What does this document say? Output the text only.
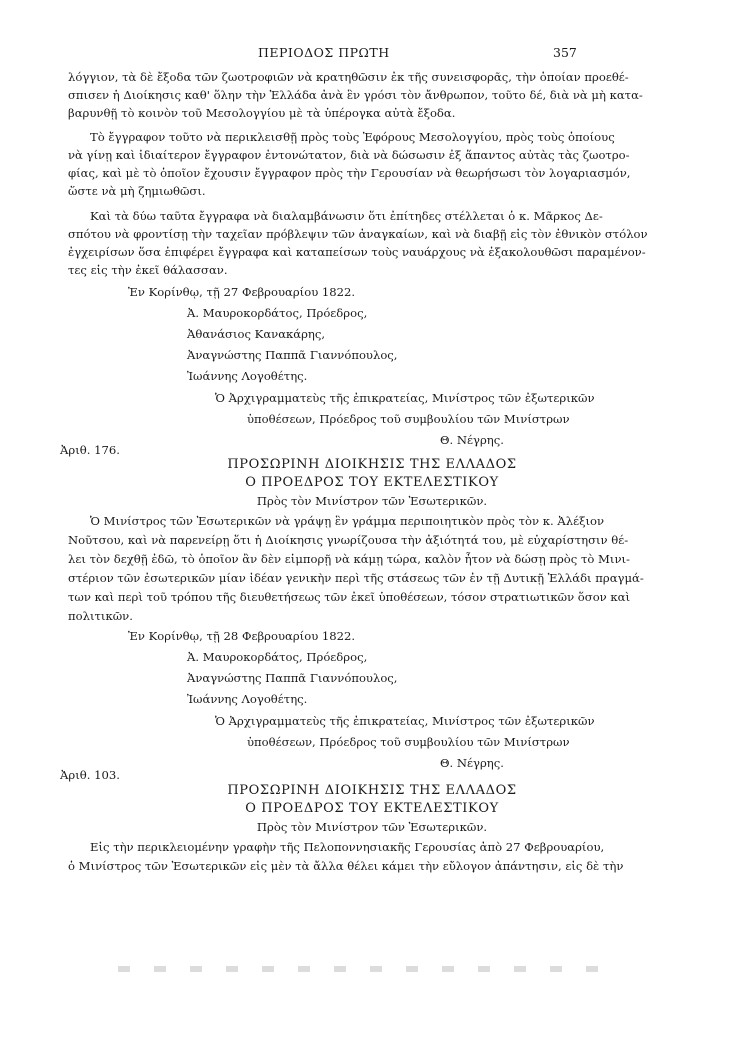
ΠΕΡΙΟΔΟΣ ΠΡΩΤΗ	357
λόγγιον, τὰ δὲ ἔξοδα τῶν ζωοτροφιῶν νὰ κρατηθῶσιν ἐκ τῆς συνεισφορᾶς, τὴν ὁποίαν προεθέ-
σπισεν ἡ Διοίκησις καθ' ὅλην τὴν Ἑλλάδα ἀνὰ ἓν γρόσι τὸν ἄνθρωπον, τοῦτο δέ, διὰ νὰ μὴ κατα-
βαρυνθῇ τὸ κοινὸν τοῦ Μεσολογγίου μὲ τὰ ὑπέρογκα αὐτὰ ἔξοδα.
Τὸ ἔγγραφον τοῦτο νὰ περικλεισθῇ πρὸς τοὺς Ἐφόρους Μεσολογγίου, πρὸς τοὺς ὁποίους
νὰ γίνῃ καὶ ἰδιαίτερον ἔγγραφον ἐντονώτατον, διὰ νὰ δώσωσιν ἐξ ἅπαντος αὐτὰς τὰς ζωοτρο-
φίας, καὶ μὲ τὸ ὁποῖον ἔχουσιν ἔγγραφον πρὸς τὴν Γερουσίαν νὰ θεωρήσωσι τὸν λογαριασμόν,
ὥστε νὰ μὴ ζημιωθῶσι.
Καὶ τὰ δύω ταῦτα ἔγγραφα νὰ διαλαμβάνωσιν ὅτι ἐπίτηδες στέλλεται ὁ κ. Μᾶρκος Δε-
σπότου νὰ φροντίσῃ τὴν ταχεῖαν πρόβλεψιν τῶν ἀναγκαίων, καὶ νὰ διαβῇ εἰς τὸν ἐθνικὸν στόλον
ἐγχειρίσων ὅσα ἐπιφέρει ἔγγραφα καὶ καταπείσων τοὺς ναυάρχους νὰ ἐξακολουθῶσι παραμένον-
τες εἰς τὴν ἐκεῖ θάλασσαν.
Ἐν Κορίνθῳ, τῇ 27 Φεβρουαρίου 1822.
Ἀ. Μαυροκορδάτος, Πρόεδρος,
Ἀθανάσιος Κανακάρης,
Ἀναγνώστης Παππᾶ Γιαννόπουλος,
Ἰωάννης Λογοθέτης.
Ὁ Ἀρχιγραμματεὺς τῆς ἐπικρατείας, Μινίστρος τῶν ἐξωτερικῶν
ὑποθέσεων, Πρόεδρος τοῦ συμβουλίου τῶν Μινίστρων
Θ. Νέγρης.
Ἀριθ. 176.
ΠΡΟΣΩΡΙΝΗ ΔΙΟΙΚΗΣΙΣ ΤΗΣ ΕΛΛΑΔΟΣ
Ο ΠΡΟΕΔΡΟΣ ΤΟΥ ΕΚΤΕΛΕΣΤΙΚΟΥ
Πρὸς τὸν Μινίστρον τῶν Ἐσωτερικῶν.
Ὁ Μινίστρος τῶν Ἐσωτερικῶν νὰ γράψῃ ἓν γράμμα περιποιητικὸν πρὸς τὸν κ. Ἀλέξιον
Νοῦτσου, καὶ νὰ παρενείρῃ ὅτι ἡ Διοίκησις γνωρίζουσα τὴν ἀξιότητά του, μὲ εὐχαρίστησιν θέ-
λει τὸν δεχθῇ ἐδῶ, τὸ ὁποῖον ἂν δὲν εἰμπορῇ νὰ κάμῃ τώρα, καλὸν ἦτον νὰ δώσῃ πρὸς τὸ Μινι-
στέριον τῶν ἐσωτερικῶν μίαν ἰδέαν γενικὴν περὶ τῆς στάσεως τῶν ἐν τῇ Δυτικῇ Ἑλλάδι πραγμά-
των καὶ περὶ τοῦ τρόπου τῆς διευθετήσεως τῶν ἐκεῖ ὑποθέσεων, τόσον στρατιωτικῶν ὅσον καὶ
πολιτικῶν.
Ἐν Κορίνθῳ, τῇ 28 Φεβρουαρίου 1822.
Ἀ. Μαυροκορδάτος, Πρόεδρος,
Ἀναγνώστης Παππᾶ Γιαννόπουλος,
Ἰωάννης Λογοθέτης.
Ὁ Ἀρχιγραμματεὺς τῆς ἐπικρατείας, Μινίστρος τῶν ἐξωτερικῶν
ὑποθέσεων, Πρόεδρος τοῦ συμβουλίου τῶν Μινίστρων
Θ. Νέγρης.
Ἀριθ. 103.
ΠΡΟΣΩΡΙΝΗ ΔΙΟΙΚΗΣΙΣ ΤΗΣ ΕΛΛΑΔΟΣ
Ο ΠΡΟΕΔΡΟΣ ΤΟΥ ΕΚΤΕΛΕΣΤΙΚΟΥ
Πρὸς τὸν Μινίστρον τῶν Ἐσωτερικῶν.
Εἰς τὴν περικλειομένην γραφὴν τῆς Πελοποννησιακῆς Γερουσίας ἀπὸ 27 Φεβρουαρίου,
ὁ Μινίστρος τῶν Ἐσωτερικῶν εἰς μὲν τὰ ἄλλα θέλει κάμει τὴν εὔλογον ἀπάντησιν, εἰς δὲ τὴν
